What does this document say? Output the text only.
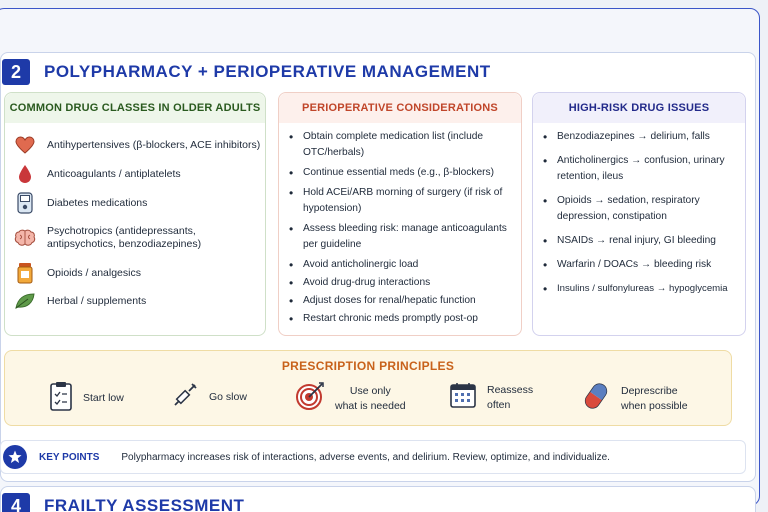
2	POLYPHARMACY + PERIOPERATIVE MANAGEMENT
COMMON DRUG CLASSES IN OLDER ADULTS
Antihypertensives (β-blockers, ACE inhibitors)
Anticoagulants / antiplatelets
Diabetes medications
Psychotropics (antidepressants, antipsychotics, benzodiazepines)
Opioids / analgesics
Herbal / supplements
PERIOPERATIVE CONSIDERATIONS
• Obtain complete medication list (include OTC/herbals)
• Continue essential meds (e.g., β-blockers)
• Hold ACEi/ARB morning of surgery (if risk of hypotension)
• Assess bleeding risk: manage anticoagulants per guideline
• Avoid anticholinergic load
• Avoid drug-drug interactions
• Adjust doses for renal/hepatic function
• Restart chronic meds promptly post-op
HIGH-RISK DRUG ISSUES
• Benzodiazepines → delirium, falls
• Anticholinergics → confusion, urinary retention, ileus
• Opioids → sedation, respiratory depression, constipation
• NSAIDs → renal injury, GI bleeding
• Warfarin / DOACs → bleeding risk
• Insulins / sulfonylureas → hypoglycemia
PRESCRIPTION PRINCIPLES
Start low	Go slow
Use only
what is needed
Reassess
often
Deprescribe
when possible
KEY POINTS Polypharmacy increases risk of interactions, adverse events, and delirium. Review, optimize, and individualize.
4	FRAILTY ASSESSMENT
